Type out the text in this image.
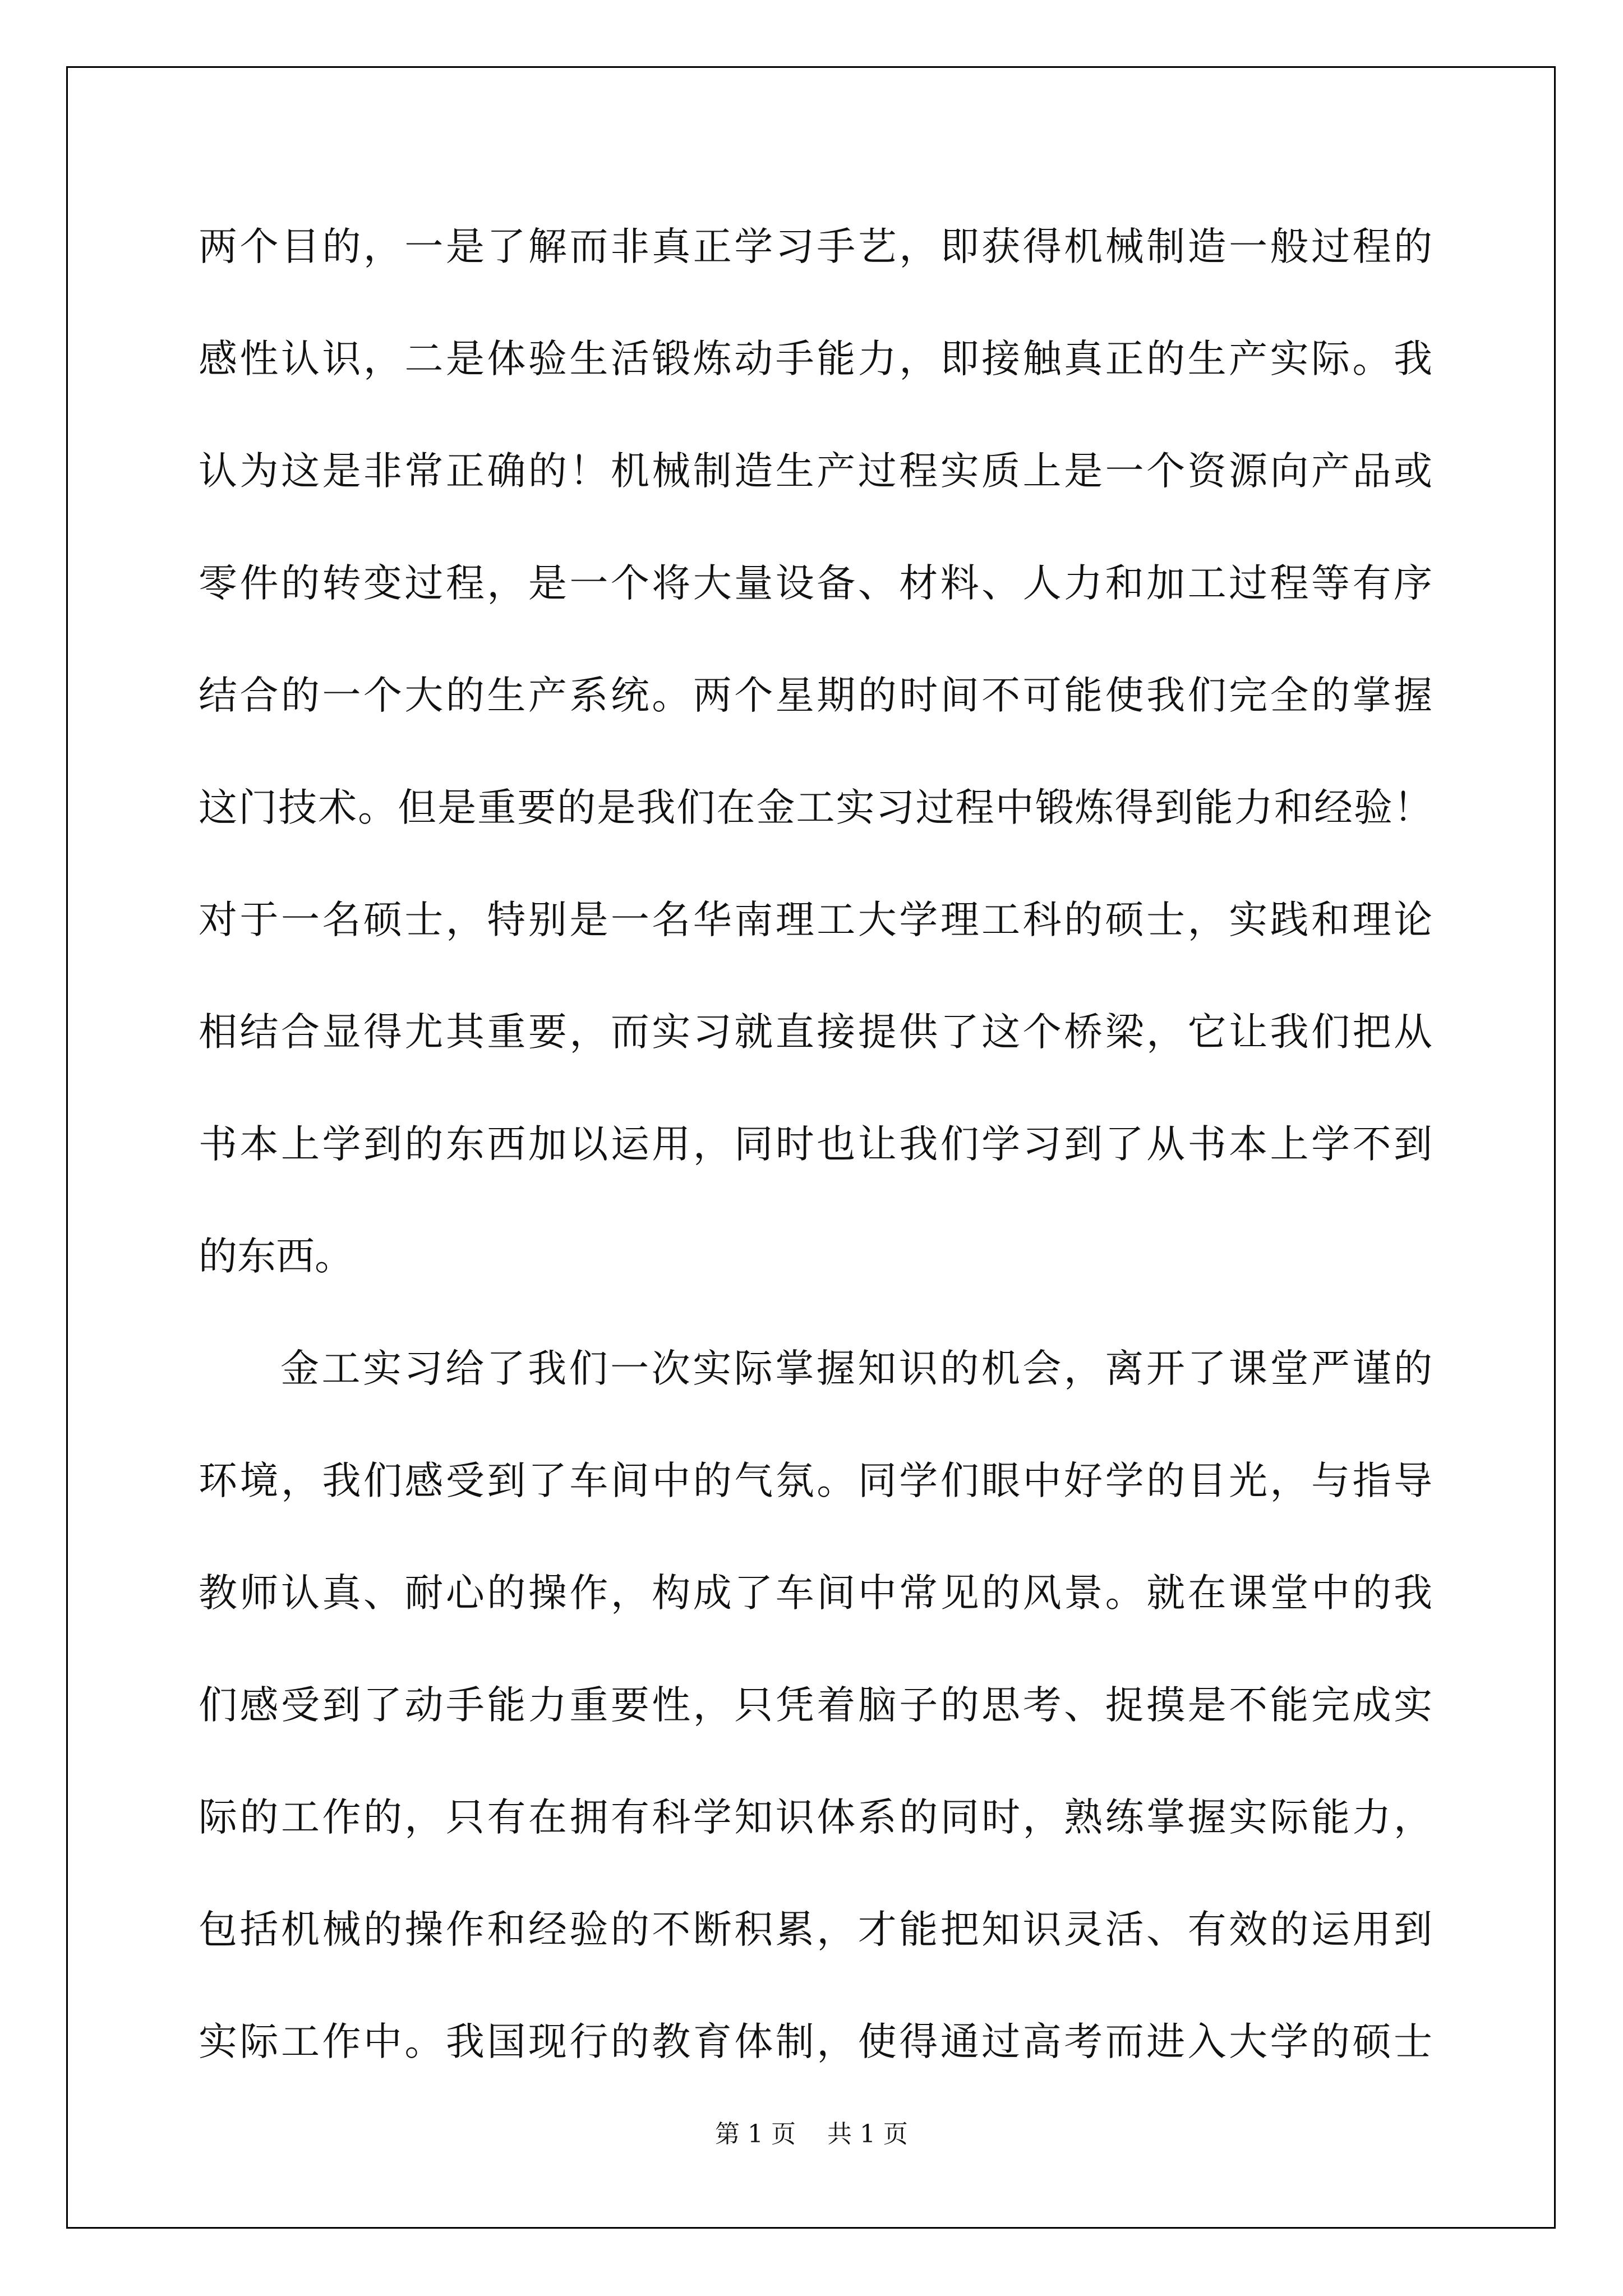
两个目的，一是了解而非真正学习手艺，即获得机械制造一般过程的
感性认识，二是体验生活锻炼动手能力，即接触真正的生产实际。我
认为这是非常正确的！机械制造生产过程实质上是一个资源向产品或
零件的转变过程，是一个将大量设备、材料、人力和加工过程等有序
结合的一个大的生产系统。两个星期的时间不可能使我们完全的掌握
这门技术。但是重要的是我们在金工实习过程中锻炼得到能力和经验！
对于一名硕士，特别是一名华南理工大学理工科的硕士，实践和理论
相结合显得尤其重要，而实习就直接提供了这个桥梁，它让我们把从
书本上学到的东西加以运用，同时也让我们学习到了从书本上学不到
的东西。
金工实习给了我们一次实际掌握知识的机会，离开了课堂严谨的
环境，我们感受到了车间中的气氛。同学们眼中好学的目光，与指导
教师认真、耐心的操作，构成了车间中常见的风景。就在课堂中的我
们感受到了动手能力重要性，只凭着脑子的思考、捉摸是不能完成实
际的工作的，只有在拥有科学知识体系的同时，熟练掌握实际能力，
包括机械的操作和经验的不断积累，才能把知识灵活、有效的运用到
实际工作中。我国现行的教育体制，使得通过高考而进入大学的硕士
第 1 页    共 1 页
